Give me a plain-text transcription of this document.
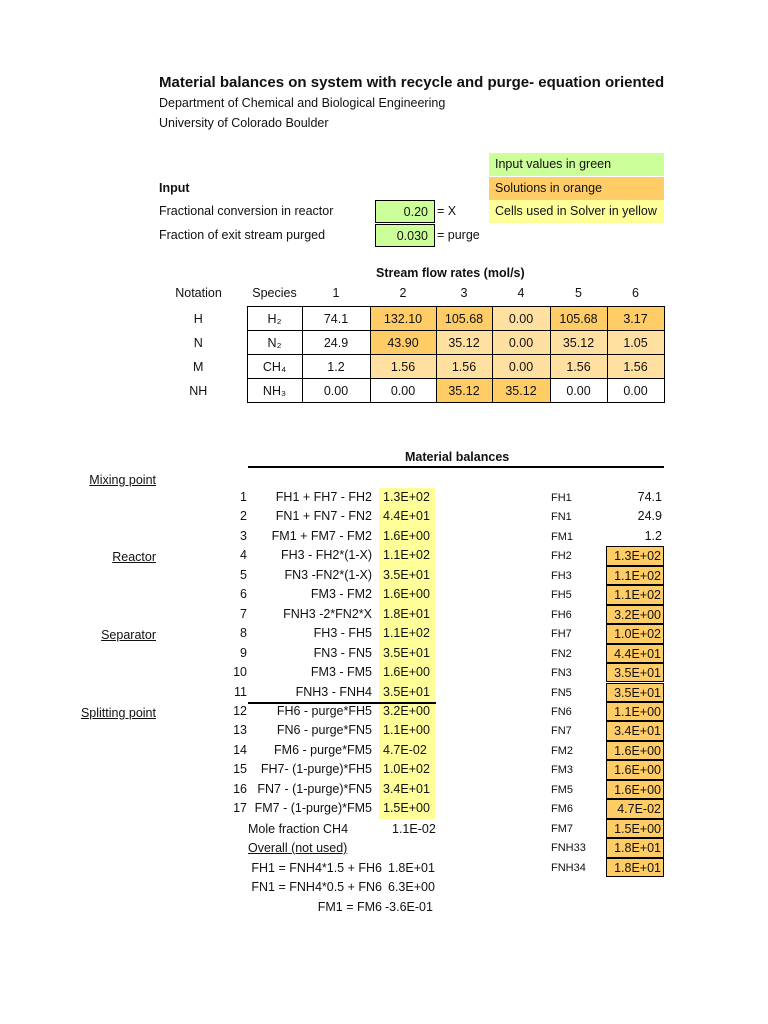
Material balances on system with recycle and purge- equation oriented
Department of Chemical and Biological Engineering
University of Colorado Boulder
Input values in green
Solutions in orange
Cells used in Solver in yellow
Input
Fractional conversion in reactor	0.20 = X
Fraction of exit stream purged	0.030 = purge
Stream flow rates (mol/s)
Notation	Species	1	2	3	4	5	6
H	H₂	74.1	132.10	105.68	0.00	105.68	3.17
N	N₂	24.9	43.90	35.12	0.00	35.12	1.05
M	CH₄	1.2	1.56	1.56	0.00	1.56	1.56
NH	NH₃	0.00	0.00	35.12	35.12	0.00	0.00
Material balances
Mixing point
Reactor
Separator
Splitting point
1	FH1 + FH7 - FH2 1.3E+02
2	FN1 + FN7 - FN2 4.4E+01
3	FM1 + FM7 - FM2 1.6E+00
4	FH3 - FH2*(1-X) 1.1E+02
5	FN3 -FN2*(1-X) 3.5E+01
6	FM3 - FM2 1.6E+00
7	FNH3 -2*FN2*X 1.8E+01
8	FH3 - FH5 1.1E+02
9	FN3 - FN5 3.5E+01
10	FM3 - FM5 1.6E+00
11	FNH3 - FNH4 3.5E+01
12	FH6 - purge*FH5 3.2E+00
13	FN6 - purge*FN5 1.1E+00
14	FM6 - purge*FM5 4.7E-02
15	FH7- (1-purge)*FH5 1.0E+02
16 FN7 - (1-purge)*FN5 3.4E+01
17 FM7 - (1-purge)*FM5 1.5E+00
Mole fraction CH4	1.1E-02
Overall (not used)
FH1 = FNH4*1.5 + FH6 1.8E+01
FN1 = FNH4*0.5 + FN6 6.3E+00
FM1 = FM6 -3.6E-01
FH1	74.1
FN1	24.9
FM1	1.2
FH2	1.3E+02
FH3	1.1E+02
FH5	1.1E+02
FH6	3.2E+00
FH7	1.0E+02
FN2	4.4E+01
FN3	3.5E+01
FN5	3.5E+01
FN6	1.1E+00
FN7	3.4E+01
FM2	1.6E+00
FM3	1.6E+00
FM5	1.6E+00
FM6	4.7E-02
FM7	1.5E+00
FNH33	1.8E+01
FNH34	1.8E+01
